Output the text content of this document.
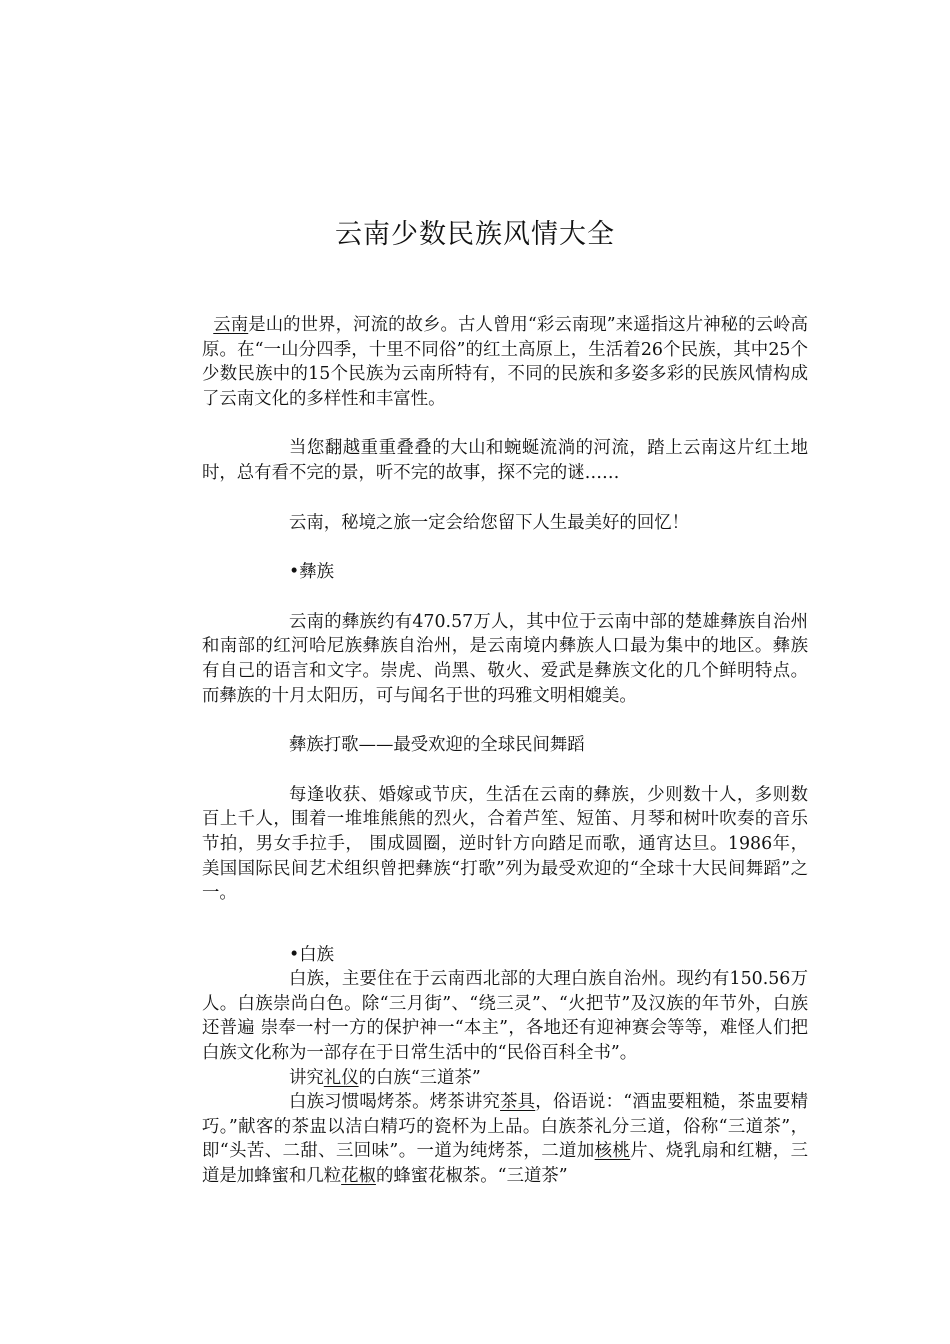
云南少数民族风情大全

云南是山的世界，河流的故乡。古人曾用“彩云南现”来遥指这片神秘的云岭高原。在“一山分四季，十里不同俗”的红土高原上，生活着26个民族，其中25个少数民族中的15个民族为云南所特有，不同的民族和多姿多彩的民族风情构成了云南文化的多样性和丰富性。

当您翻越重重叠叠的大山和蜿蜒流淌的河流，踏上云南这片红土地时，总有看不完的景，听不完的故事，探不完的谜……

云南，秘境之旅一定会给您留下人生最美好的回忆！

•彝族

云南的彝族约有470.57万人，其中位于云南中部的楚雄彝族自治州和南部的红河哈尼族彝族自治州，是云南境内彝族人口最为集中的地区。彝族有自己的语言和文字。崇虎、尚黑、敬火、爱武是彝族文化的几个鲜明特点。而彝族的十月太阳历，可与闻名于世的玛雅文明相媲美。

彝族打歌——最受欢迎的全球民间舞蹈

每逢收获、婚嫁或节庆，生活在云南的彝族，少则数十人，多则数百上千人，围着一堆堆熊熊的烈火，合着芦笙、短笛、月琴和树叶吹奏的音乐节拍，男女手拉手， 围成圆圈，逆时针方向踏足而歌，通宵达旦。1986年，美国国际民间艺术组织曾把彝族“打歌”列为最受欢迎的“全球十大民间舞蹈”之一。

•白族

白族，主要住在于云南西北部的大理白族自治州。现约有150.56万人。白族崇尚白色。除“三月街”、“绕三灵”、“火把节”及汉族的年节外，白族还普遍 崇奉一村一方的保护神一“本主”，各地还有迎神赛会等等，难怪人们把白族文化称为一部存在于日常生活中的“民俗百科全书”。

讲究礼仪的白族“三道茶”

白族习惯喝烤茶。烤茶讲究茶具，俗语说：“酒盅要粗糙，茶盅要精巧。”献客的茶盅以洁白精巧的瓷杯为上品。白族茶礼分三道，俗称“三道茶”，即“头苦、二甜、三回味”。一道为纯烤茶，二道加核桃片、烧乳扇和红糖，三道是加蜂蜜和几粒花椒的蜂蜜花椒茶。“三道茶”
